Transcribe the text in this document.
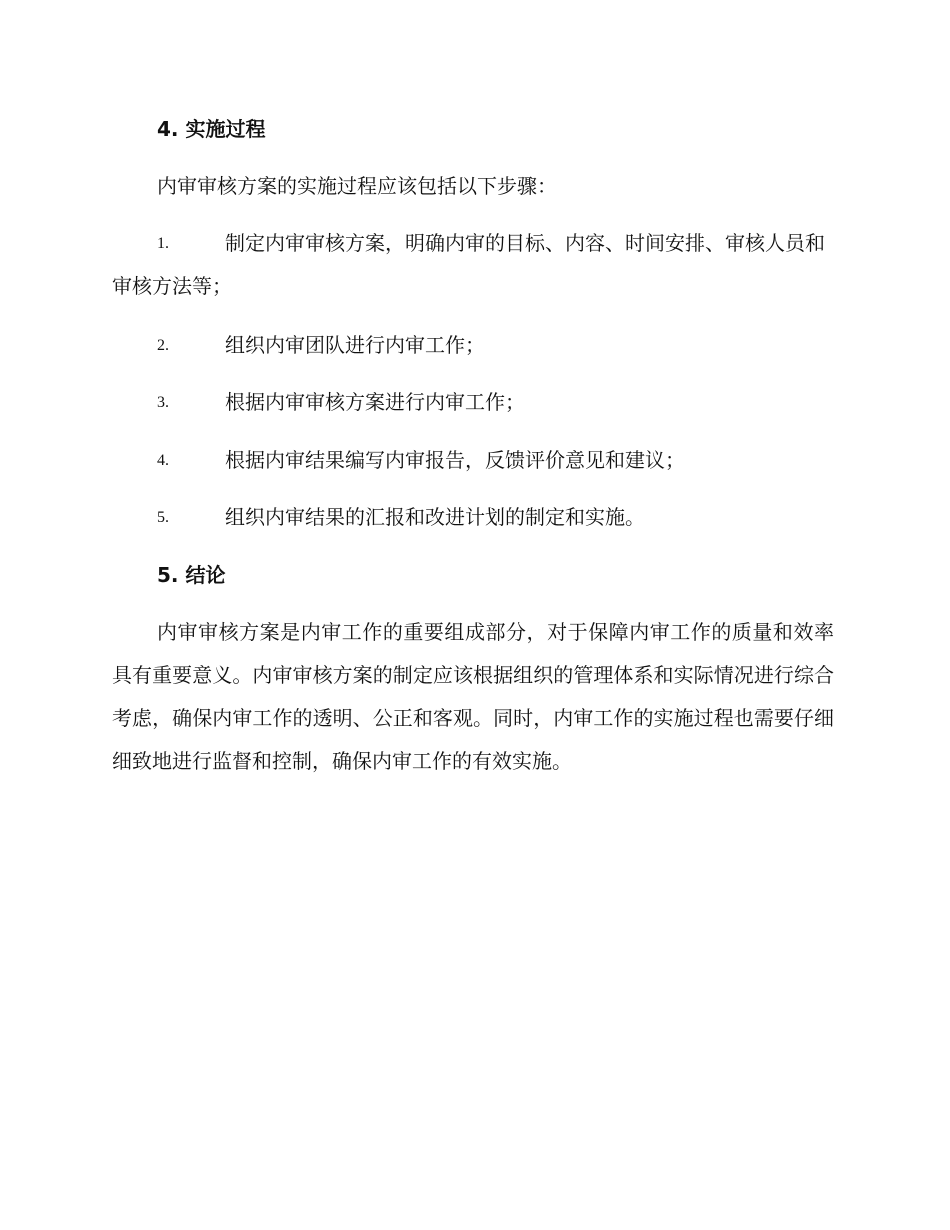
4. 实施过程

内审审核方案的实施过程应该包括以下步骤：

1.	制定内审审核方案，明确内审的目标、内容、时间安排、审核人员和审核方法等；
2.	组织内审团队进行内审工作；
3.	根据内审审核方案进行内审工作；
4.	根据内审结果编写内审报告，反馈评价意见和建议；
5.	组织内审结果的汇报和改进计划的制定和实施。
5. 结论

内审审核方案是内审工作的重要组成部分，对于保障内审工作的质量和效率具有重要意义。内审审核方案的制定应该根据组织的管理体系和实际情况进行综合考虑，确保内审工作的透明、公正和客观。同时，内审工作的实施过程也需要仔细细致地进行监督和控制，确保内审工作的有效实施。
